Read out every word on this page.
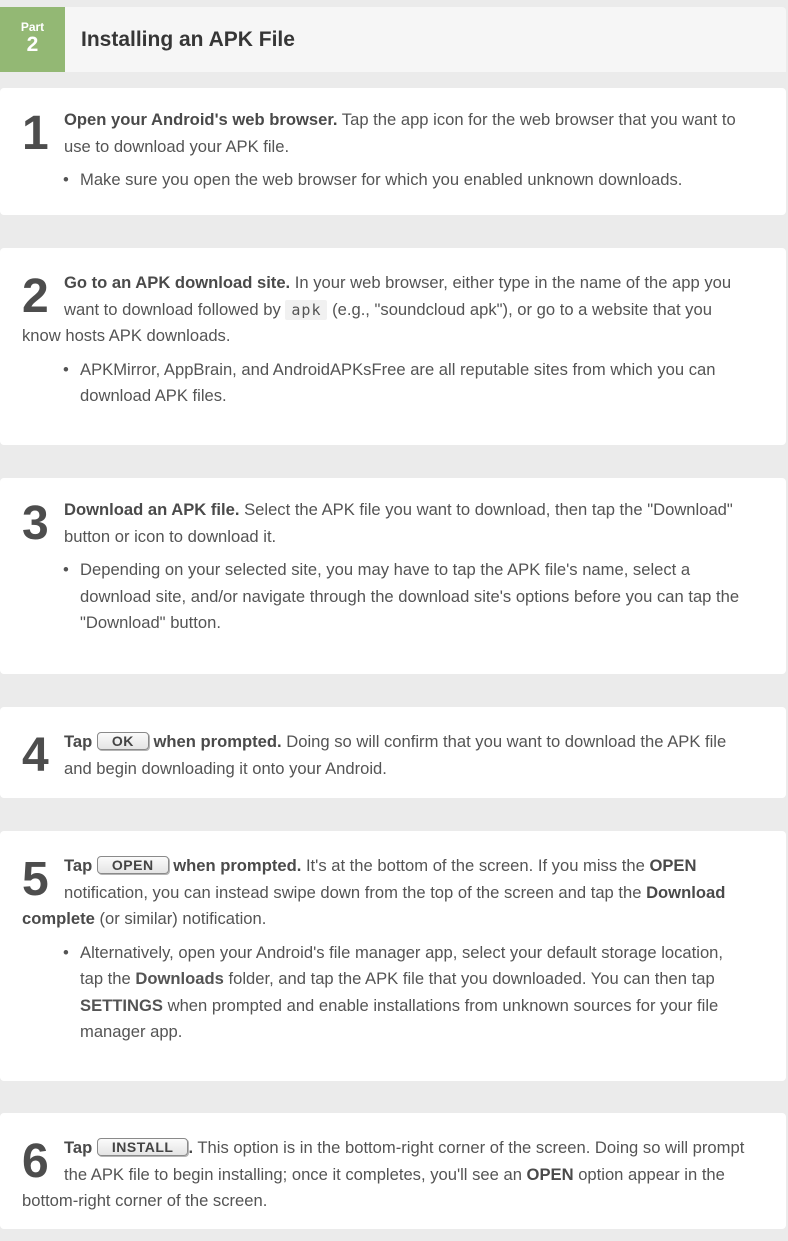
Part
2	Installing an APK File
1 Open your Android's web browser. Tap the app icon for the web browser that you want to use to download your APK file.

• Make sure you open the web browser for which you enabled unknown downloads.
2 Go to an APK download site. In your web browser, either type in the name of the app you want to download followed by apk (e.g., "soundcloud apk"), or go to a website that you know hosts APK downloads.

• APKMirror, AppBrain, and AndroidAPKsFree are all reputable sites from which you can download APK files.
3 Download an APK file. Select the APK file you want to download, then tap the "Download" button or icon to download it.

• Depending on your selected site, you may have to tap the APK file's name, select a download site, and/or navigate through the download site's options before you can tap the "Download" button.
4 Tap OK when prompted. Doing so will confirm that you want to download the APK file and begin downloading it onto your Android.

5 Tap OPEN when prompted. It's at the bottom of the screen. If you miss the OPEN notification, you can instead swipe down from the top of the screen and tap the Download complete (or similar) notification.

• Alternatively, open your Android's file manager app, select your default storage location, tap the Downloads folder, and tap the APK file that you downloaded. You can then tap SETTINGS when prompted and enable installations from unknown sources for your file manager app.
6 Tap INSTALL . This option is in the bottom-right corner of the screen. Doing so will prompt the APK file to begin installing; once it completes, you'll see an OPEN option appear in the bottom-right corner of the screen.
